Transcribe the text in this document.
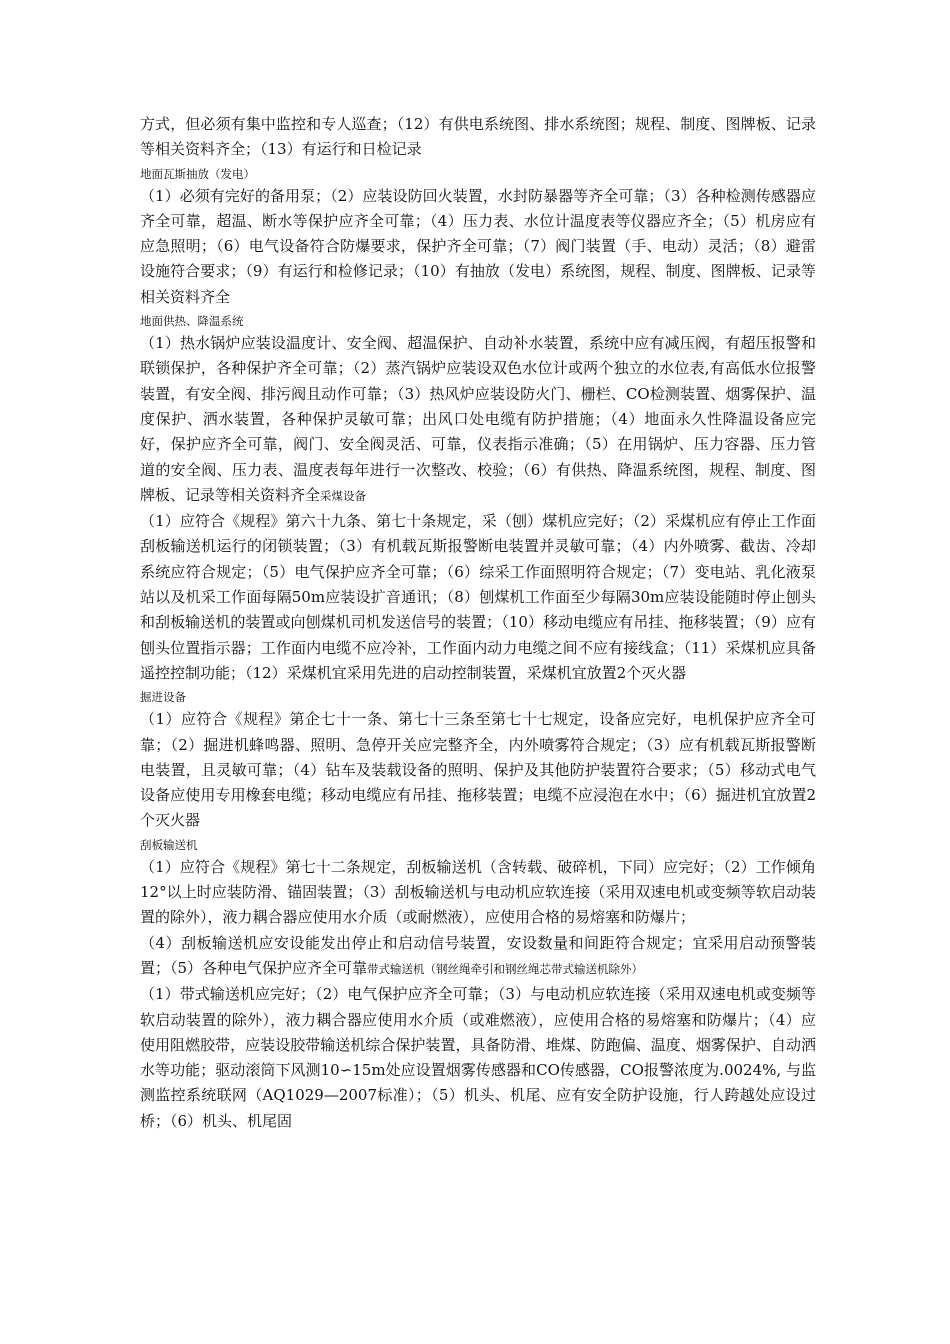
方式，但必须有集中监控和专人巡查；（12）有供电系统图、排水系统图；规程、制度、图牌板、记录等相关资料齐全；（13）有运行和日检记录

地面瓦斯抽放（发电）

（1）必须有完好的备用泵；（2）应装设防回火装置，水封防暴器等齐全可靠；（3）各种检测传感器应齐全可靠，超温、断水等保护应齐全可靠；（4）压力表、水位计温度表等仪器应齐全；（5）机房应有应急照明；（6）电气设备符合防爆要求，保护齐全可靠；（7）阀门装置（手、电动）灵活；（8）避雷设施符合要求；（9）有运行和检修记录；（10）有抽放（发电）系统图，规程、制度、图牌板、记录等相关资料齐全

地面供热、降温系统

（1）热水锅炉应装设温度计、安全阀、超温保护、自动补水装置，系统中应有减压阀，有超压报警和联锁保护，各种保护齐全可靠；（2）蒸汽锅炉应装设双色水位计或两个独立的水位表,有高低水位报警装置，有安全阀、排污阀且动作可靠；（3）热风炉应装设防火门、栅栏、CO检测装置、烟雾保护、温度保护、洒水装置，各种保护灵敏可靠；出风口处电缆有防护措施；（4）地面永久性降温设备应完好，保护应齐全可靠，阀门、安全阀灵活、可靠，仪表指示准确；（5）在用锅炉、压力容器、压力管道的安全阀、压力表、温度表每年进行一次整改、校验；（6）有供热、降温系统图，规程、制度、图牌板、记录等相关资料齐全采煤设备

（1）应符合《规程》第六十九条、第七十条规定，采（刨）煤机应完好；（2）采煤机应有停止工作面刮板输送机运行的闭锁装置；（3）有机载瓦斯报警断电装置并灵敏可靠；（4）内外喷雾、截齿、冷却系统应符合规定；（5）电气保护应齐全可靠；（6）综采工作面照明符合规定；（7）变电站、乳化液泵站以及机采工作面每隔50m应装设扩音通讯；（8）刨煤机工作面至少每隔30m应装设能随时停止刨头和刮板输送机的装置或向刨煤机司机发送信号的装置；（10）移动电缆应有吊挂、拖移装置；（9）应有刨头位置指示器；工作面内电缆不应冷补，工作面内动力电缆之间不应有接线盒；（11）采煤机应具备遥控控制功能；（12）采煤机宜采用先进的启动控制装置，采煤机宜放置2个灭火器

掘进设备

（1）应符合《规程》第企七十一条、第七十三条至第七十七规定，设备应完好，电机保护应齐全可靠；（2）掘进机蜂鸣器、照明、急停开关应完整齐全，内外喷雾符合规定；（3）应有机载瓦斯报警断电装置，且灵敏可靠；（4）钻车及装载设备的照明、保护及其他防护装置符合要求；（5）移动式电气设备应使用专用橡套电缆；移动电缆应有吊挂、拖移装置；电缆不应浸泡在水中；（6）掘进机宜放置2个灭火器

刮板输送机

（1）应符合《规程》第七十二条规定，刮板输送机（含转载、破碎机，下同）应完好；（2）工作倾角12°以上时应装防滑、锚固装置；（3）刮板输送机与电动机应软连接（采用双速电机或变频等软启动装置的除外），液力耦合器应使用水介质（或耐燃液），应使用合格的易熔塞和防爆片；

（4）刮板输送机应安设能发出停止和启动信号装置，安设数量和间距符合规定；宜采用启动预警装置；（5）各种电气保护应齐全可靠带式输送机（钢丝绳牵引和钢丝绳芯带式输送机除外）

（1）带式输送机应完好；（2）电气保护应齐全可靠；（3）与电动机应软连接（采用双速电机或变频等软启动装置的除外），液力耦合器应使用水介质（或难燃液），应使用合格的易熔塞和防爆片；（4）应使用阻燃胶带，应装设胶带输送机综合保护装置，具备防滑、堆煤、防跑偏、温度、烟雾保护、自动洒水等功能；驱动滚筒下风测10∽15m处应设置烟雾传感器和CO传感器，CO报警浓度为.0024%, 与监测监控系统联网（AQ1029—2007标准）；（5）机头、机尾、应有安全防护设施，行人跨越处应设过桥；（6）机头、机尾固
